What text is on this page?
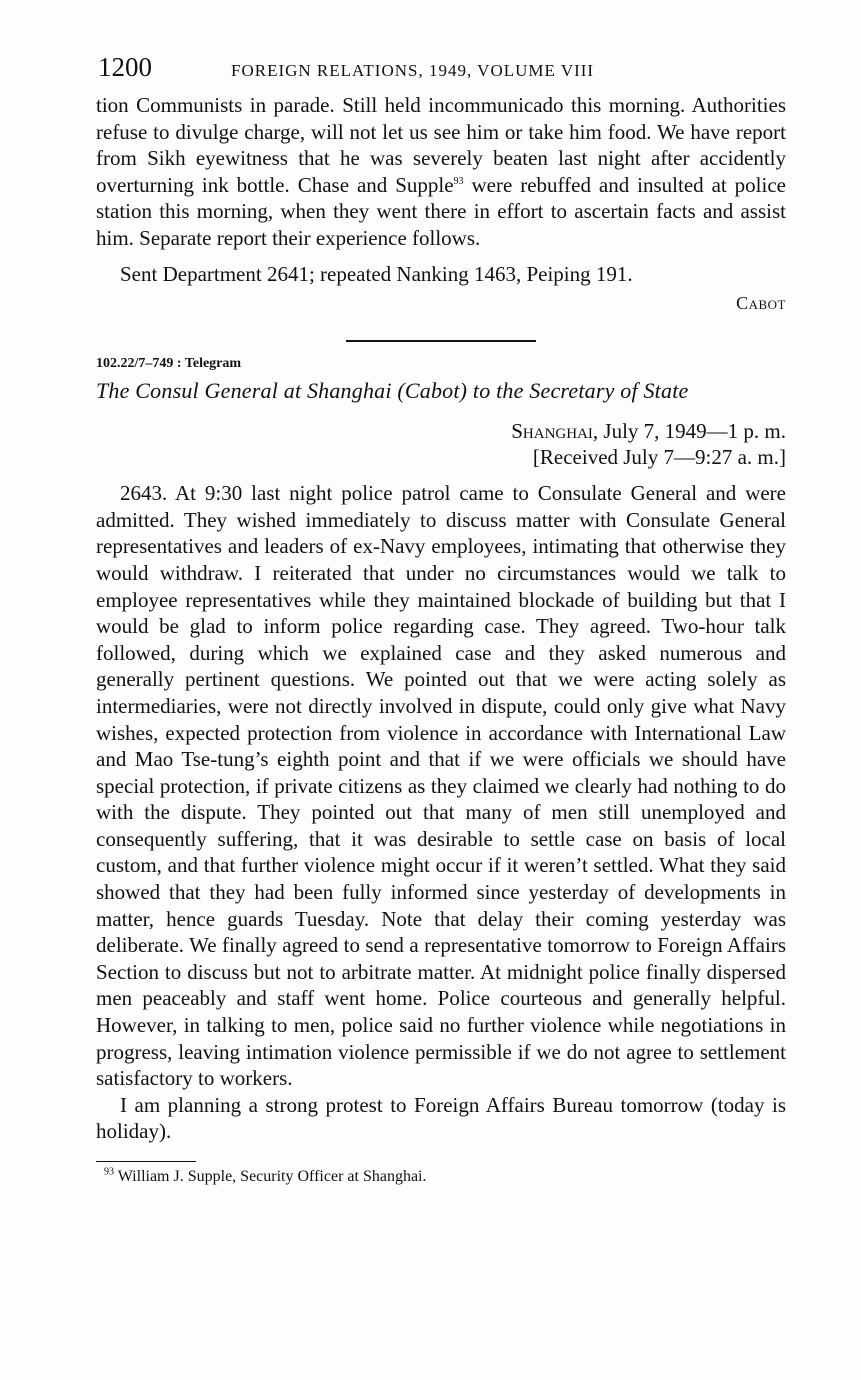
1200	FOREIGN RELATIONS, 1949, VOLUME VIII

tion Communists in parade. Still held incommunicado this morning. Authorities refuse to divulge charge, will not let us see him or take him food. We have report from Sikh eyewitness that he was severely beaten last night after accidently overturning ink bottle. Chase and Supple$^{93}$ were rebuffed and insulted at police station this morning, when they went there in effort to ascertain facts and assist him. Separate report their experience follows.

Sent Department 2641; repeated Nanking 1463, Peiping 191.

Cabot
102.22/7–749 : Telegram
The Consul General at Shanghai (Cabot) to the Secretary of State
Shanghai, July 7, 1949—1 p. m.
[Received July 7—9:27 a. m.]

2643. At 9:30 last night police patrol came to Consulate General and were admitted. They wished immediately to discuss matter with Consulate General representatives and leaders of ex-Navy employees, intimating that otherwise they would withdraw. I reiterated that under no circumstances would we talk to employee representatives while they maintained blockade of building but that I would be glad to inform police regarding case. They agreed. Two-hour talk followed, during which we explained case and they asked numerous and generally pertinent questions. We pointed out that we were acting solely as intermediaries, were not directly involved in dispute, could only give what Navy wishes, expected protection from violence in accordance with International Law and Mao Tse-tung’s eighth point and that if we were officials we should have special protection, if private citizens as they claimed we clearly had nothing to do with the dispute. They pointed out that many of men still unemployed and consequently suffering, that it was desirable to settle case on basis of local custom, and that further violence might occur if it weren’t settled. What they said showed that they had been fully informed since yesterday of developments in matter, hence guards Tuesday. Note that delay their coming yesterday was deliberate. We finally agreed to send a representative tomorrow to Foreign Affairs Section to discuss but not to arbitrate matter. At midnight police finally dispersed men peaceably and staff went home. Police courteous and generally helpful. However, in talking to men, police said no further violence while negotiations in progress, leaving intimation violence permissible if we do not agree to settlement satisfactory to workers.

I am planning a strong protest to Foreign Affairs Bureau tomorrow (today is holiday).

$^{93}$ William J. Supple, Security Officer at Shanghai.
